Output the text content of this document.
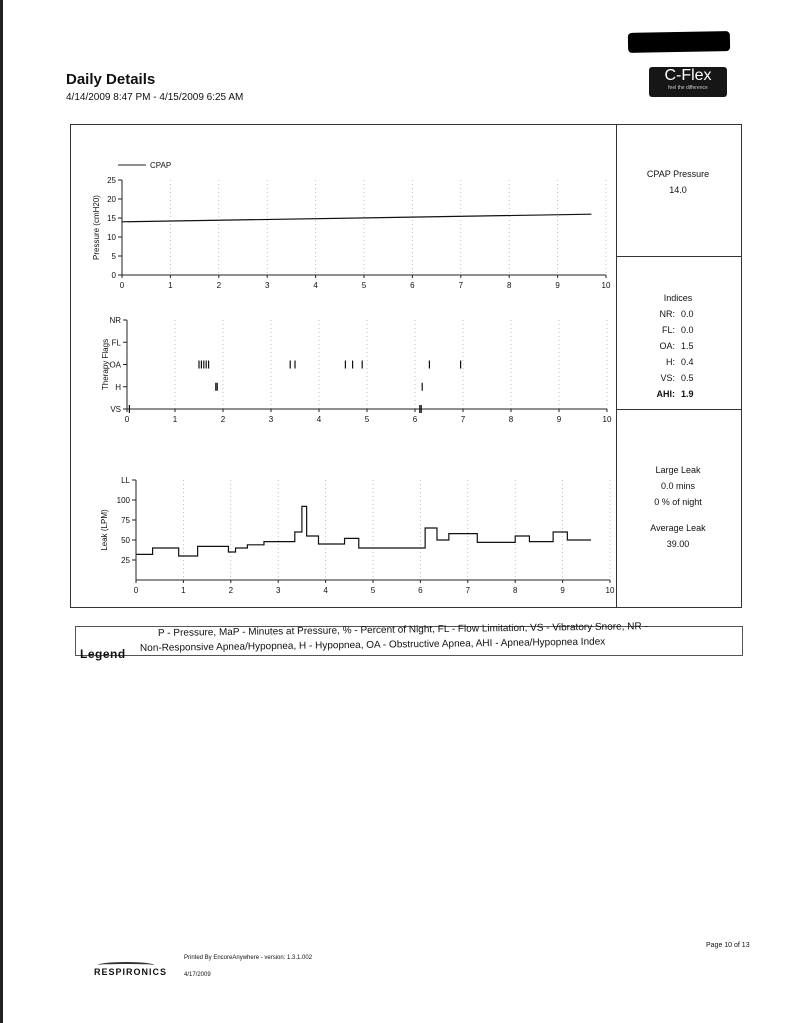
Daily Details
4/14/2009 8:47 PM - 4/15/2009 6:25 AM
C-Flex
feel the difference
CPAP Pressure
14.0
Indices
NR: 0.0
FL: 0.0
OA: 1.5
H: 0.4
VS: 0.5
AHI: 1.9
Large Leak
0.0 mins
0 % of night
Average Leak
39.00
0	1	2	3	4	5	6	7	8	9	10
0
5
10
15
20
25
Pressure (cmH20)
CPAP
0	1	2	3	4	5	6	7	8	9	10
NR
FL
OA
H
VS
Therapy Flags
0	1	2	3	4	5	6	7	8	9	10
25
50
75
100
LL
Leak (LPM)
Legend
P - Pressure, MaP - Minutes at Pressure, % - Percent of Night, FL - Flow Limitation, VS - Vibratory Snore, NR -
Non-Responsive Apnea/Hypopnea, H - Hypopnea, OA - Obstructive Apnea, AHI - Apnea/Hypopnea Index
Page 10 of 13
RESPIRONICS
Printed By EncoreAnywhere - version: 1.3.1.002
4/17/2009
